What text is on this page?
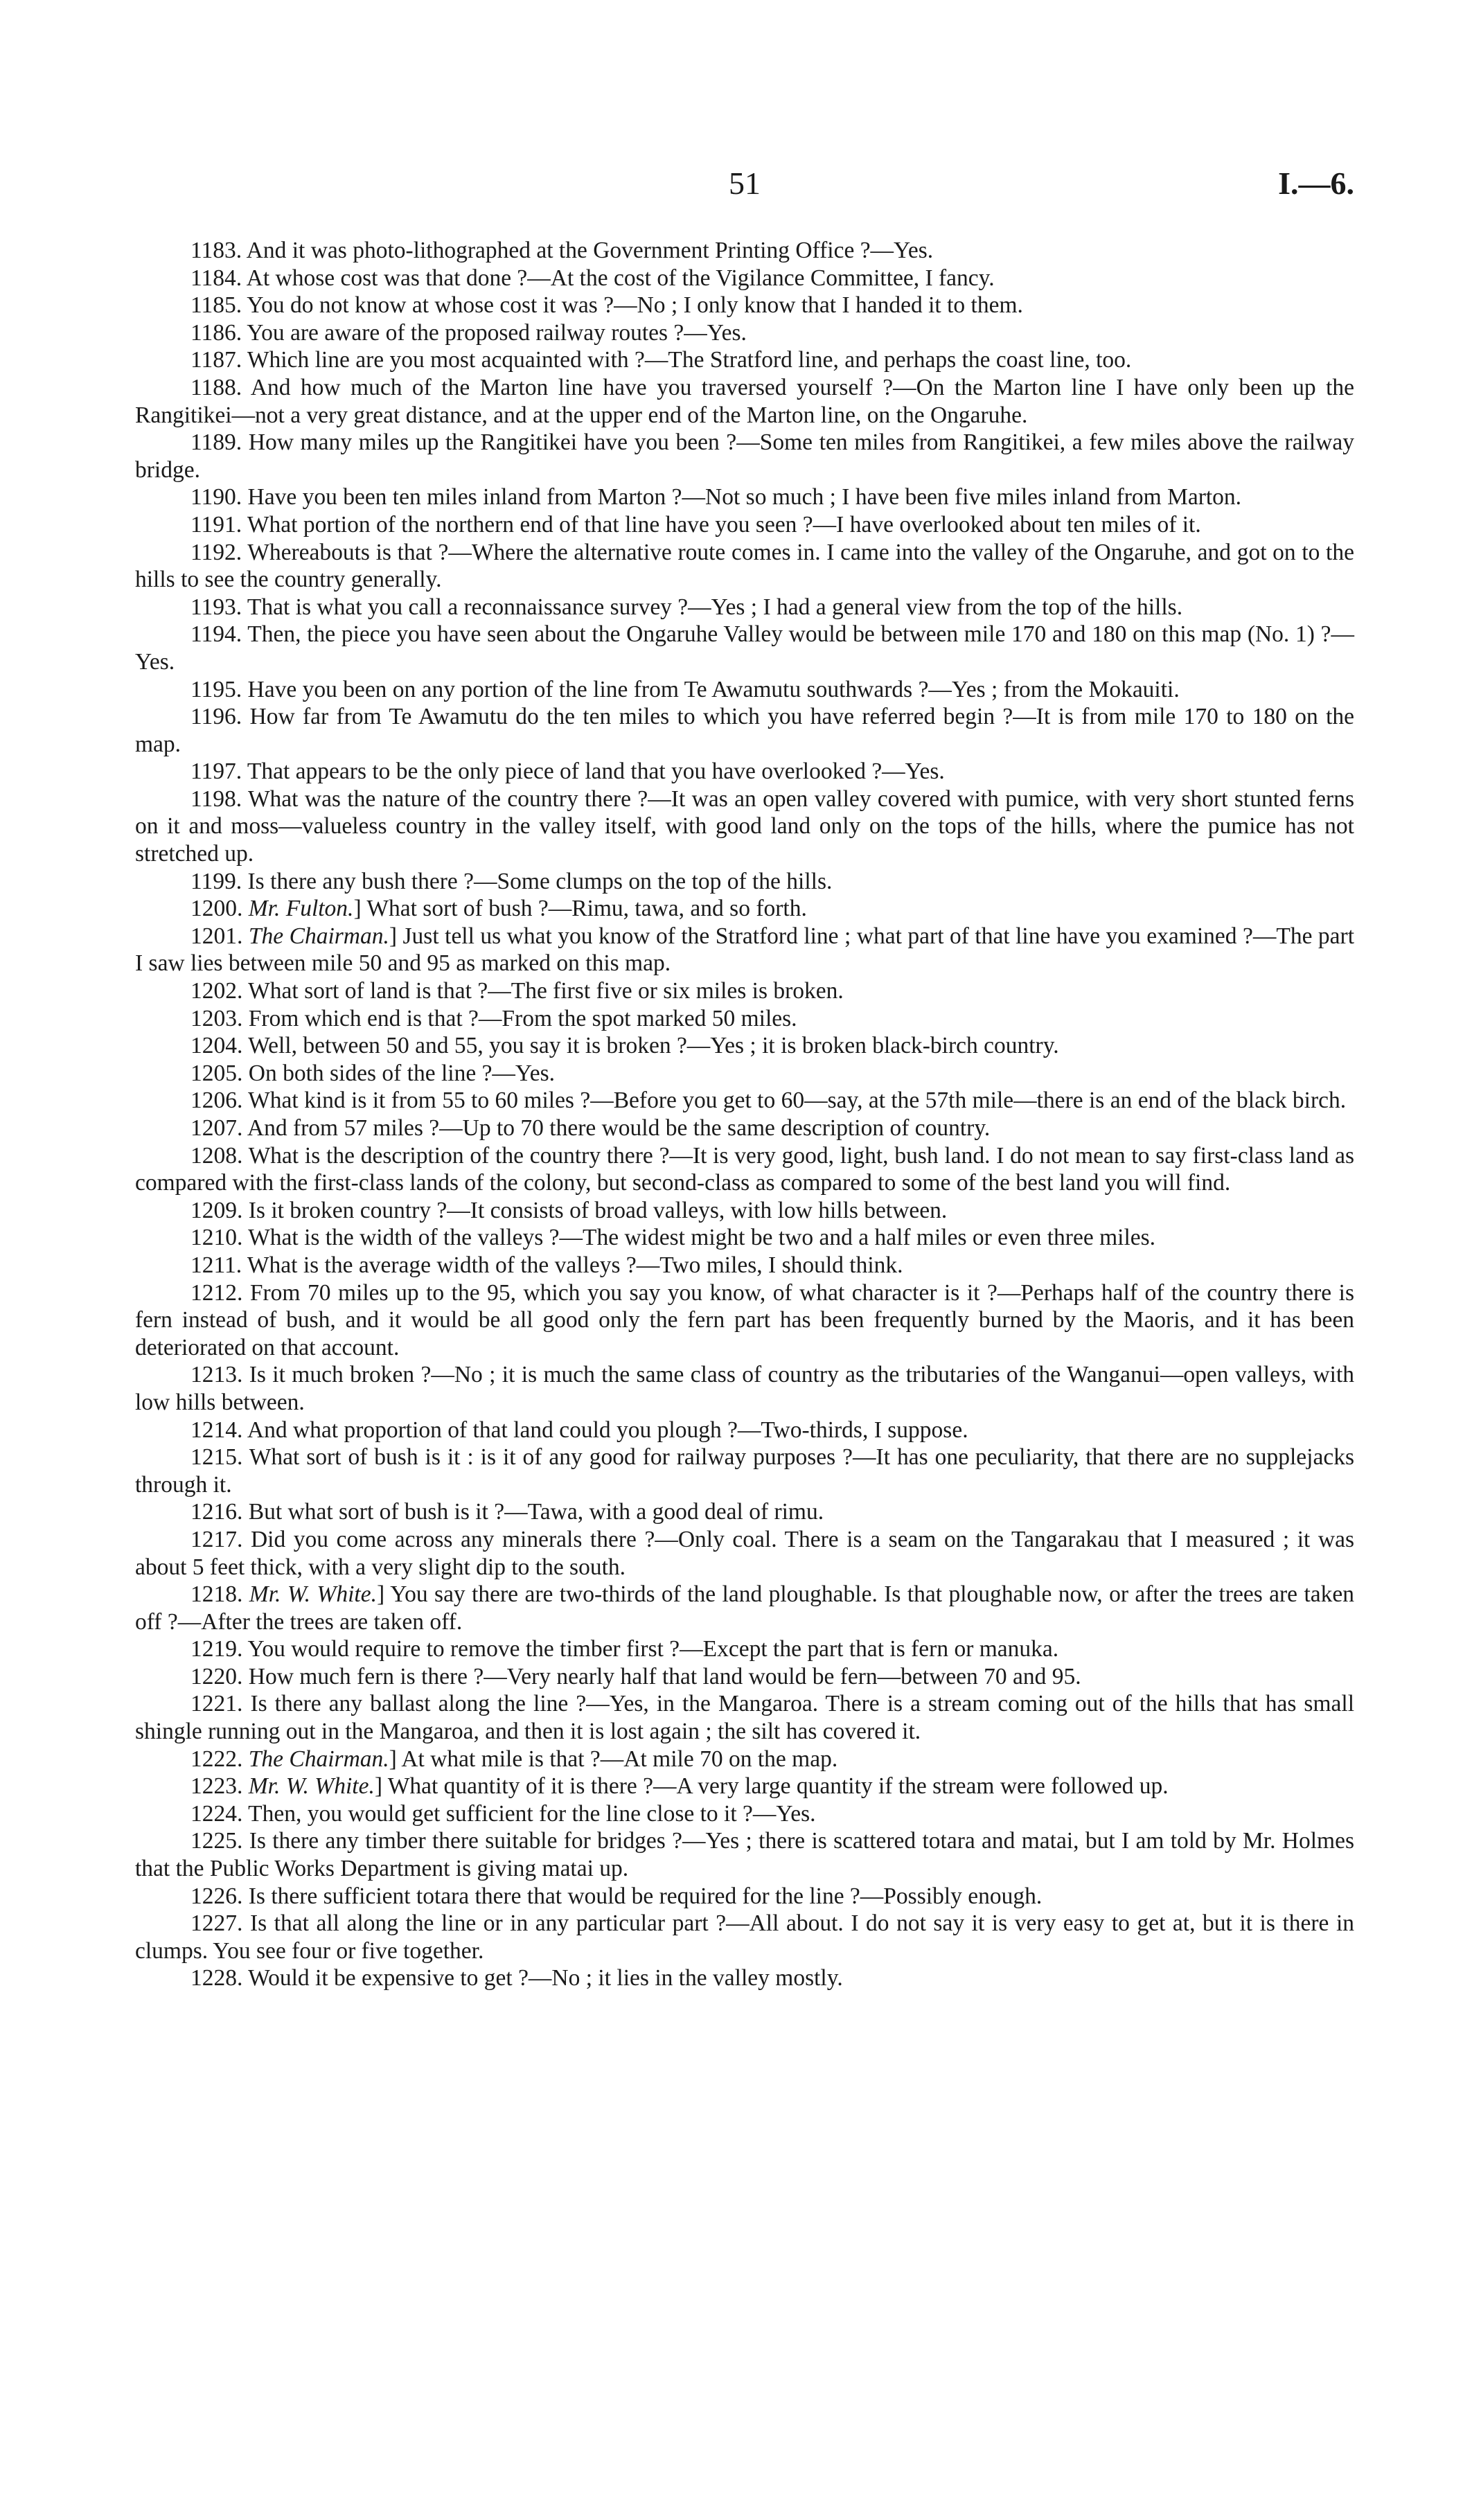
51	I.—6.

1183. And it was photo-lithographed at the Government Printing Office ?—Yes.

1184. At whose cost was that done ?—At the cost of the Vigilance Committee, I fancy.

1185. You do not know at whose cost it was ?—No ; I only know that I handed it to them.

1186. You are aware of the proposed railway routes ?—Yes.

1187. Which line are you most acquainted with ?—The Stratford line, and perhaps the coast line, too.

1188. And how much of the Marton line have you traversed yourself ?—On the Marton line I have only been up the Rangitikei—not a very great distance, and at the upper end of the Marton line, on the Ongaruhe.

1189. How many miles up the Rangitikei have you been ?—Some ten miles from Rangitikei, a few miles above the railway bridge.

1190. Have you been ten miles inland from Marton ?—Not so much ; I have been five miles inland from Marton.

1191. What portion of the northern end of that line have you seen ?—I have overlooked about ten miles of it.

1192. Whereabouts is that ?—Where the alternative route comes in. I came into the valley of the Ongaruhe, and got on to the hills to see the country generally.

1193. That is what you call a reconnaissance survey ?—Yes ; I had a general view from the top of the hills.

1194. Then, the piece you have seen about the Ongaruhe Valley would be between mile 170 and 180 on this map (No. 1) ?—Yes.

1195. Have you been on any portion of the line from Te Awamutu southwards ?—Yes ; from the Mokauiti.

1196. How far from Te Awamutu do the ten miles to which you have referred begin ?—It is from mile 170 to 180 on the map.

1197. That appears to be the only piece of land that you have overlooked ?—Yes.

1198. What was the nature of the country there ?—It was an open valley covered with pumice, with very short stunted ferns on it and moss—valueless country in the valley itself, with good land only on the tops of the hills, where the pumice has not stretched up.

1199. Is there any bush there ?—Some clumps on the top of the hills.

1200. Mr. Fulton.] What sort of bush ?—Rimu, tawa, and so forth.

1201. The Chairman.] Just tell us what you know of the Stratford line ; what part of that line have you examined ?—The part I saw lies between mile 50 and 95 as marked on this map.

1202. What sort of land is that ?—The first five or six miles is broken.

1203. From which end is that ?—From the spot marked 50 miles.

1204. Well, between 50 and 55, you say it is broken ?—Yes ; it is broken black-birch country.

1205. On both sides of the line ?—Yes.

1206. What kind is it from 55 to 60 miles ?—Before you get to 60—say, at the 57th mile—there is an end of the black birch.

1207. And from 57 miles ?—Up to 70 there would be the same description of country.

1208. What is the description of the country there ?—It is very good, light, bush land. I do not mean to say first-class land as compared with the first-class lands of the colony, but second-class as compared to some of the best land you will find.

1209. Is it broken country ?—It consists of broad valleys, with low hills between.

1210. What is the width of the valleys ?—The widest might be two and a half miles or even three miles.

1211. What is the average width of the valleys ?—Two miles, I should think.

1212. From 70 miles up to the 95, which you say you know, of what character is it ?—Perhaps half of the country there is fern instead of bush, and it would be all good only the fern part has been frequently burned by the Maoris, and it has been deteriorated on that account.

1213. Is it much broken ?—No ; it is much the same class of country as the tributaries of the Wanganui—open valleys, with low hills between.

1214. And what proportion of that land could you plough ?—Two-thirds, I suppose.

1215. What sort of bush is it : is it of any good for railway purposes ?—It has one peculiarity, that there are no supplejacks through it.

1216. But what sort of bush is it ?—Tawa, with a good deal of rimu.

1217. Did you come across any minerals there ?—Only coal. There is a seam on the Tangarakau that I measured ; it was about 5 feet thick, with a very slight dip to the south.

1218. Mr. W. White.] You say there are two-thirds of the land ploughable. Is that ploughable now, or after the trees are taken off ?—After the trees are taken off.

1219. You would require to remove the timber first ?—Except the part that is fern or manuka.

1220. How much fern is there ?—Very nearly half that land would be fern—between 70 and 95.

1221. Is there any ballast along the line ?—Yes, in the Mangaroa. There is a stream coming out of the hills that has small shingle running out in the Mangaroa, and then it is lost again ; the silt has covered it.

1222. The Chairman.] At what mile is that ?—At mile 70 on the map.

1223. Mr. W. White.] What quantity of it is there ?—A very large quantity if the stream were followed up.

1224. Then, you would get sufficient for the line close to it ?—Yes.

1225. Is there any timber there suitable for bridges ?—Yes ; there is scattered totara and matai, but I am told by Mr. Holmes that the Public Works Department is giving matai up.

1226. Is there sufficient totara there that would be required for the line ?—Possibly enough.

1227. Is that all along the line or in any particular part ?—All about. I do not say it is very easy to get at, but it is there in clumps. You see four or five together.

1228. Would it be expensive to get ?—No ; it lies in the valley mostly.
